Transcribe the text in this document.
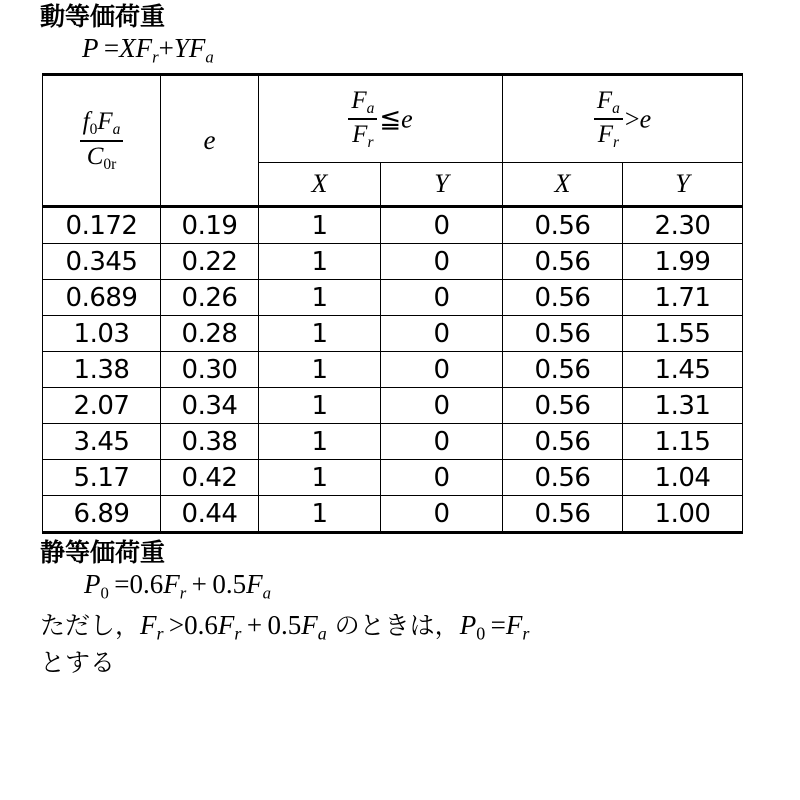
動等価荷重
$P =XF_r+YF_a$
$\frac{f_0F_a}{C_{0r}}$	e	$\frac{F_a}{F_r}$ ≦e		$\frac{F_a}{F_r} >e$	
		X	Y	X	Y
0.172	0.19	1	0	0.56	2.30
0.345	0.22	1	0	0.56	1.99
0.689	0.26	1	0	0.56	1.71
1.03	0.28	1	0	0.56	1.55
1.38	0.30	1	0	0.56	1.45
2.07	0.34	1	0	0.56	1.31
3.45	0.38	1	0	0.56	1.15
5.17	0.42	1	0	0.56	1.04
6.89	0.44	1	0	0.56	1.00
静等価荷重
$P_0 =0.6F_r + 0.5F_a$
ただし，$F_r >0.6F_r + 0.5F_a$ のときは，$P_0 =F_r$
とする
